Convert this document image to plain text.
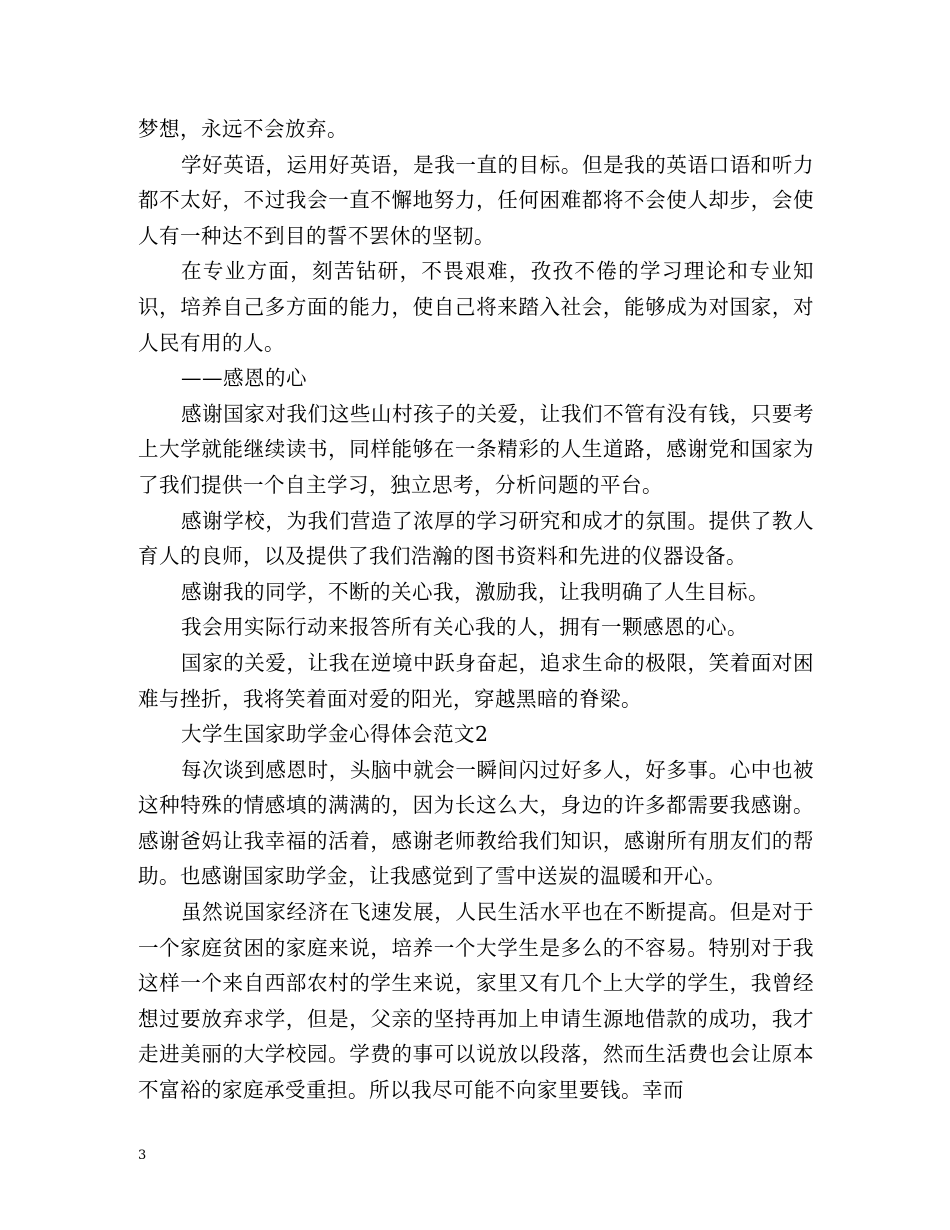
梦想，永远不会放弃。

学好英语，运用好英语，是我一直的目标。但是我的英语口语和听力都不太好，不过我会一直不懈地努力，任何困难都将不会使人却步，会使人有一种达不到目的誓不罢休的坚韧。

在专业方面，刻苦钻研，不畏艰难，孜孜不倦的学习理论和专业知识，培养自己多方面的能力，使自己将来踏入社会，能够成为对国家，对人民有用的人。

——感恩的心

感谢国家对我们这些山村孩子的关爱，让我们不管有没有钱，只要考上大学就能继续读书，同样能够在一条精彩的人生道路，感谢党和国家为了我们提供一个自主学习，独立思考，分析问题的平台。

感谢学校，为我们营造了浓厚的学习研究和成才的氛围。提供了教人育人的良师，以及提供了我们浩瀚的图书资料和先进的仪器设备。

感谢我的同学，不断的关心我，激励我，让我明确了人生目标。

我会用实际行动来报答所有关心我的人，拥有一颗感恩的心。

国家的关爱，让我在逆境中跃身奋起，追求生命的极限，笑着面对困难与挫折，我将笑着面对爱的阳光，穿越黑暗的脊梁。

大学生国家助学金心得体会范文2

每次谈到感恩时，头脑中就会一瞬间闪过好多人，好多事。心中也被这种特殊的情感填的满满的，因为长这么大，身边的许多都需要我感谢。感谢爸妈让我幸福的活着，感谢老师教给我们知识，感谢所有朋友们的帮助。也感谢国家助学金，让我感觉到了雪中送炭的温暖和开心。

虽然说国家经济在飞速发展，人民生活水平也在不断提高。但是对于一个家庭贫困的家庭来说，培养一个大学生是多么的不容易。特别对于我这样一个来自西部农村的学生来说，家里又有几个上大学的学生，我曾经想过要放弃求学，但是，父亲的坚持再加上申请生源地借款的成功，我才走进美丽的大学校园。学费的事可以说放以段落，然而生活费也会让原本不富裕的家庭承受重担。所以我尽可能不向家里要钱。幸而

3
